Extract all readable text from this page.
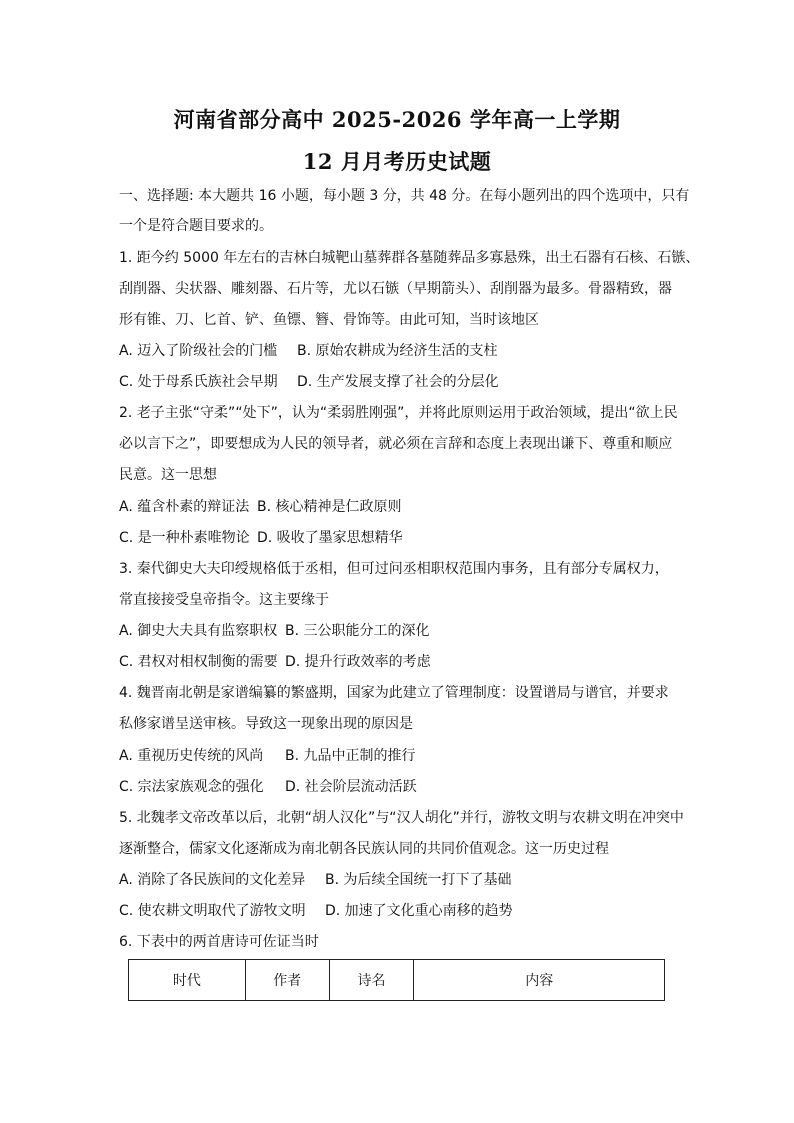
河南省部分高中 2025-2026 学年高一上学期
12 月月考历史试题
一、选择题: 本大题共 16 小题，每小题 3 分，共 48 分。在每小题列出的四个选项中，只有
一个是符合题目要求的。
1. 距今约 5000 年左右的吉林白城靶山墓葬群各墓随葬品多寡悬殊，出土石器有石核、石镞、
刮削器、尖状器、雕刻器、石片等，尤以石镞（早期箭头）、刮削器为最多。骨器精致，器
形有锥、刀、匕首、铲、鱼镖、簪、骨饰等。由此可知，当时该地区
A. 迈入了阶级社会的门槛 B. 原始农耕成为经济生活的支柱
C. 处于母系氏族社会早期 D. 生产发展支撑了社会的分层化
2. 老子主张“守柔”“处下”，认为“柔弱胜刚强”，并将此原则运用于政治领域，提出“欲上民
必以言下之”，即要想成为人民的领导者，就必须在言辞和态度上表现出谦下、尊重和顺应
民意。这一思想
A. 蕴含朴素的辩证法 B. 核心精神是仁政原则
C. 是一种朴素唯物论 D. 吸收了墨家思想精华
3. 秦代御史大夫印绶规格低于丞相，但可过问丞相职权范围内事务，且有部分专属权力，
常直接接受皇帝指令。这主要缘于
A. 御史大夫具有监察职权 B. 三公职能分工的深化
C. 君权对相权制衡的需要 D. 提升行政效率的考虑
4. 魏晋南北朝是家谱编纂的繁盛期，国家为此建立了管理制度：设置谱局与谱官，并要求
私修家谱呈送审核。导致这一现象出现的原因是
A. 重视历史传统的风尚 B. 九品中正制的推行
C. 宗法家族观念的强化 D. 社会阶层流动活跃
5. 北魏孝文帝改革以后，北朝“胡人汉化”与“汉人胡化”并行，游牧文明与农耕文明在冲突中
逐渐整合，儒家文化逐渐成为南北朝各民族认同的共同价值观念。这一历史过程
A. 消除了各民族间的文化差异 B. 为后续全国统一打下了基础
C. 使农耕文明取代了游牧文明 D. 加速了文化重心南移的趋势
6. 下表中的两首唐诗可佐证当时
时代	作者	诗名	内容
